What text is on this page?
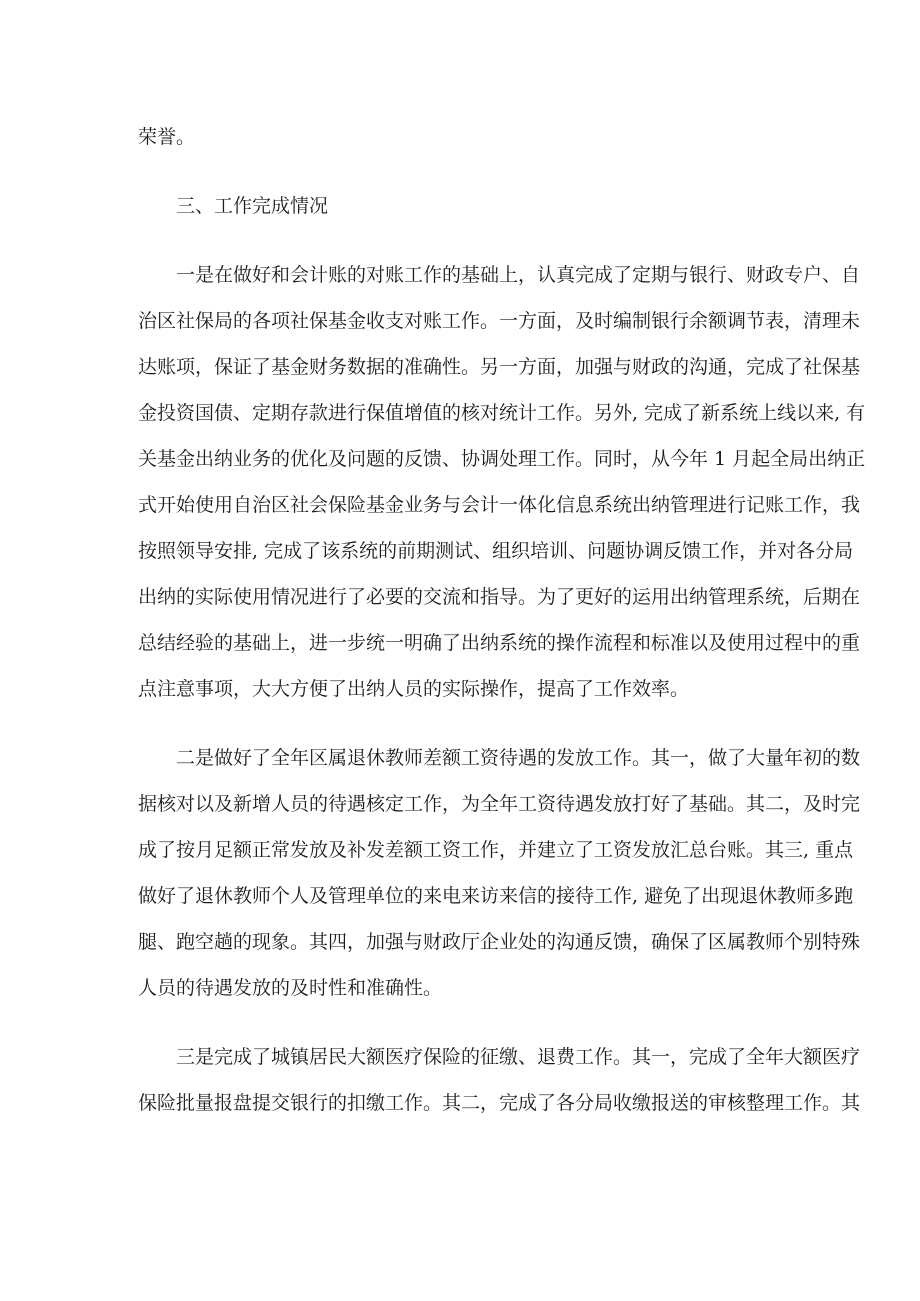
荣誉。
三、工作完成情况
一是在做好和会计账的对账工作的基础上，认真完成了定期与银行、财政专户、自
治区社保局的各项社保基金收支对账工作。一方面，及时编制银行余额调节表，清理未
达账项，保证了基金财务数据的准确性。另一方面，加强与财政的沟通，完成了社保基
金投资国债、定期存款进行保值增值的核对统计工作。另外, 完成了新系统上线以来, 有
关基金出纳业务的优化及问题的反馈、协调处理工作。同时，从今年 1 月起全局出纳正
式开始使用自治区社会保险基金业务与会计一体化信息系统出纳管理进行记账工作，我
按照领导安排, 完成了该系统的前期测试、组织培训、问题协调反馈工作，并对各分局
出纳的实际使用情况进行了必要的交流和指导。为了更好的运用出纳管理系统，后期在
总结经验的基础上，进一步统一明确了出纳系统的操作流程和标准以及使用过程中的重
点注意事项，大大方便了出纳人员的实际操作，提高了工作效率。
二是做好了全年区属退休教师差额工资待遇的发放工作。其一，做了大量年初的数
据核对以及新增人员的待遇核定工作，为全年工资待遇发放打好了基础。其二，及时完
成了按月足额正常发放及补发差额工资工作，并建立了工资发放汇总台账。其三, 重点
做好了退休教师个人及管理单位的来电来访来信的接待工作, 避免了出现退休教师多跑
腿、跑空趟的现象。其四，加强与财政厅企业处的沟通反馈，确保了区属教师个别特殊
人员的待遇发放的及时性和准确性。
三是完成了城镇居民大额医疗保险的征缴、退费工作。其一，完成了全年大额医疗
保险批量报盘提交银行的扣缴工作。其二，完成了各分局收缴报送的审核整理工作。其
